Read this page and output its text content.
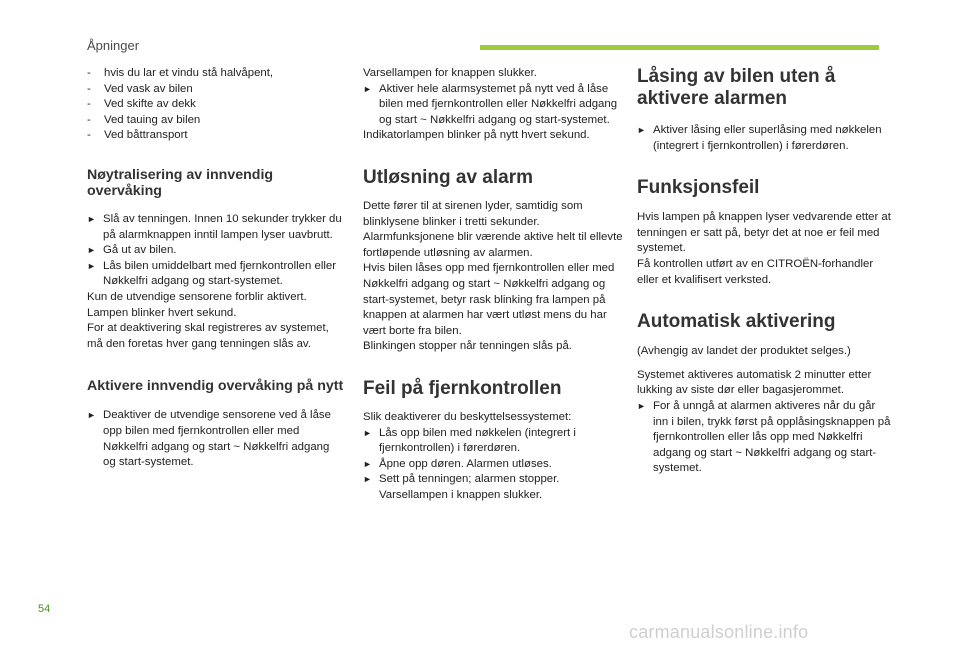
Åpninger
-	hvis du lar et vindu stå halvåpent,
-	Ved vask av bilen
-	Ved skifte av dekk
-	Ved tauing av bilen
-	Ved båttransport
Nøytralisering av innvendig overvåking
► Slå av tenningen. Innen 10 sekunder trykker du på alarmknappen inntil lampen lyser uavbrutt.
► Gå ut av bilen.
► Lås bilen umiddelbart med fjernkontrollen eller Nøkkelfri adgang og start-systemet.

Kun de utvendige sensorene forblir aktivert.

Lampen blinker hvert sekund.

For at deaktivering skal registreres av systemet, må den foretas hver gang tenningen slås av.

Aktivere innvendig overvåking på nytt
► Deaktiver de utvendige sensorene ved å låse opp bilen med fjernkontrollen eller med Nøkkelfri adgang og start ~ Nøkkelfri adgang og start-systemet.

Varsellampen for knappen slukker.

► Aktiver hele alarmsystemet på nytt ved å låse bilen med fjernkontrollen eller Nøkkelfri adgang og start ~ Nøkkelfri adgang og start-systemet.

Indikatorlampen blinker på nytt hvert sekund.

Utløsning av alarm

Dette fører til at sirenen lyder, samtidig som blinklysene blinker i tretti sekunder.

Alarmfunksjonene blir værende aktive helt til ellevte fortløpende utløsning av alarmen.

Hvis bilen låses opp med fjernkontrollen eller med Nøkkelfri adgang og start ~ Nøkkelfri adgang og start-systemet, betyr rask blinking fra lampen på knappen at alarmen har vært utløst mens du har vært borte fra bilen.

Blinkingen stopper når tenningen slås på.

Feil på fjernkontrollen

Slik deaktiverer du beskyttelsessystemet:

► Lås opp bilen med nøkkelen (integrert i fjernkontrollen) i førerdøren.
► Åpne opp døren. Alarmen utløses.
► Sett på tenningen; alarmen stopper. Varsellampen i knappen slukker.
Låsing av bilen uten å aktivere alarmen
► Aktiver låsing eller superlåsing med nøkkelen (integrert i fjernkontrollen) i førerdøren.
Funksjonsfeil

Hvis lampen på knappen lyser vedvarende etter at tenningen er satt på, betyr det at noe er feil med systemet.

Få kontrollen utført av en CITROËN-forhandler eller et kvalifisert verksted.

Automatisk aktivering

(Avhengig av landet der produktet selges.)

Systemet aktiveres automatisk 2 minutter etter lukking av siste dør eller bagasjerommet.

► For å unngå at alarmen aktiveres når du går inn i bilen, trykk først på opplåsingsknappen på fjernkontrollen eller lås opp med Nøkkelfri adgang og start ~ Nøkkelfri adgang og start-systemet.
54
carmanualsonline.info
